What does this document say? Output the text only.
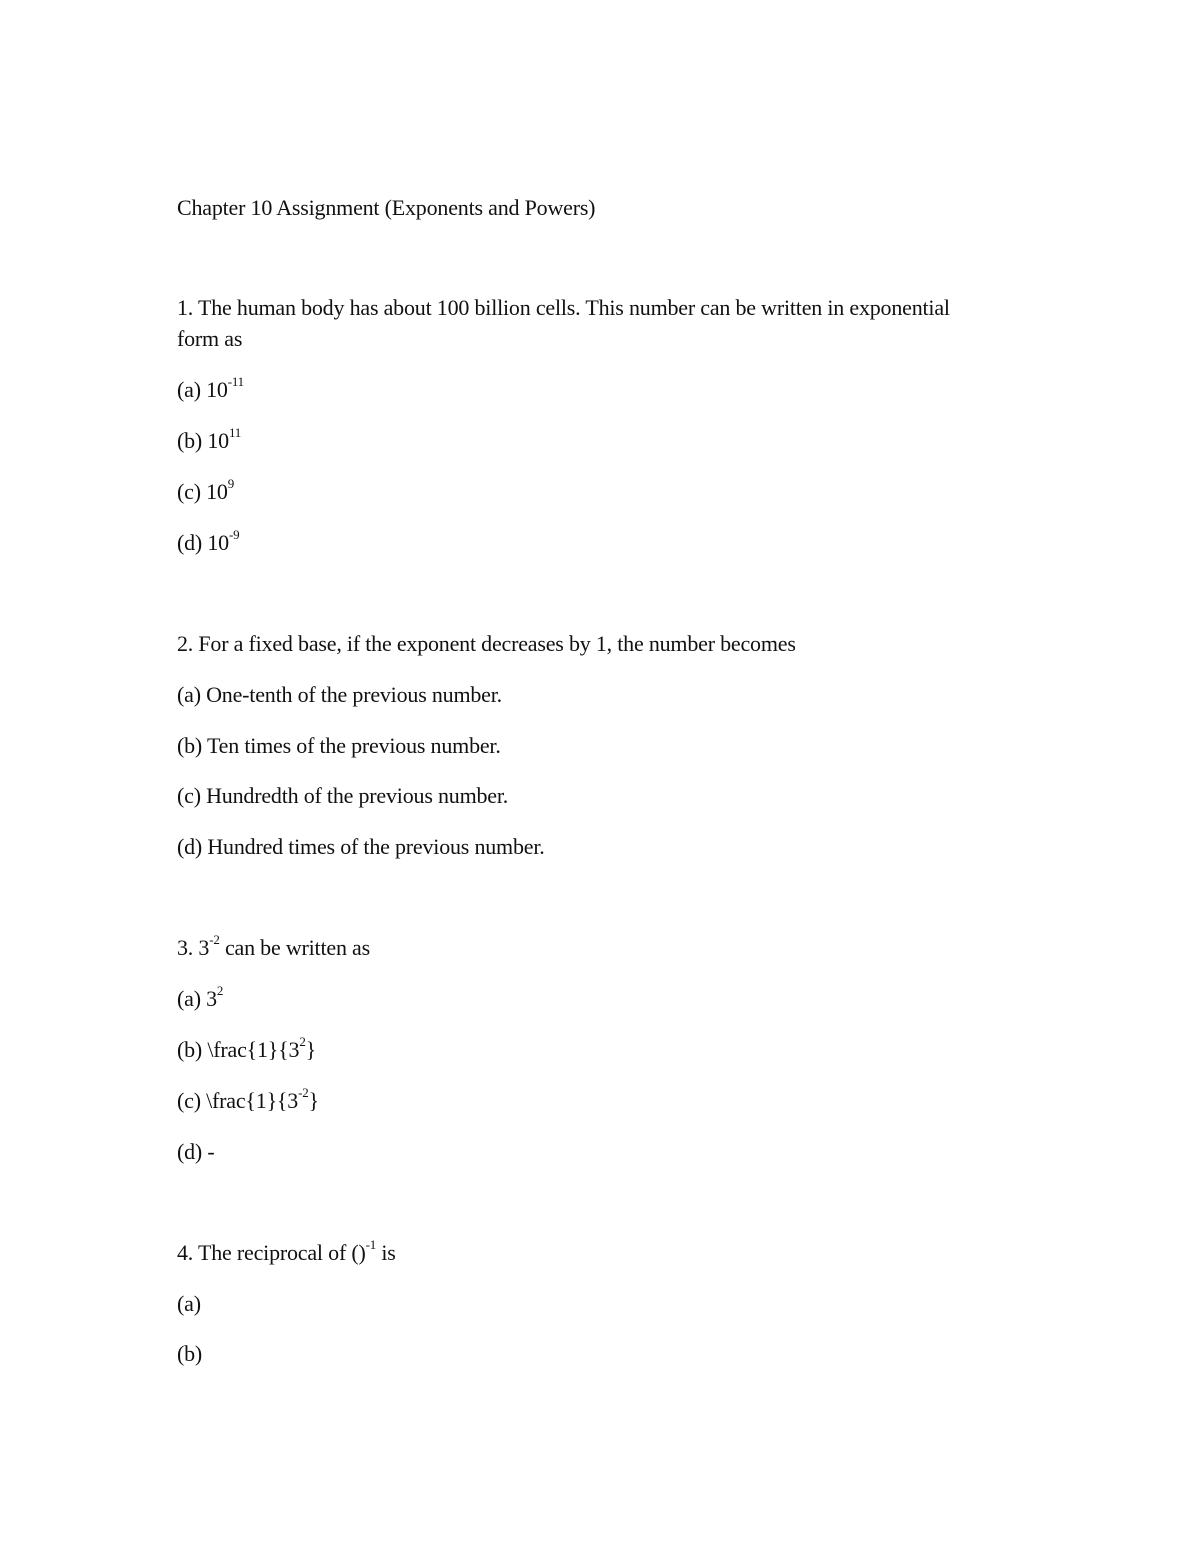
Chapter 10 Assignment (Exponents and Powers)
1. The human body has about 100 billion cells. This number can be written in exponential
form as
(a) $10^{-11}$
(b) $10^{11}$
(c) $10^9$
(d) $10^{-9}$
2. For a fixed base, if the exponent decreases by 1, the number becomes
(a) One-tenth of the previous number.
(b) Ten times of the previous number.
(c) Hundredth of the previous number.
(d) Hundred times of the previous number.
3. $3^{-2}$ can be written as
(a) $3^2$
(b) $\backslash frac\{1\}\{3^2\}$
(c) $\backslash frac\{1\}\{3^{-2}\}$
(d) -
4. The reciprocal of ()$^{-1}$ is
(a)
(b)
